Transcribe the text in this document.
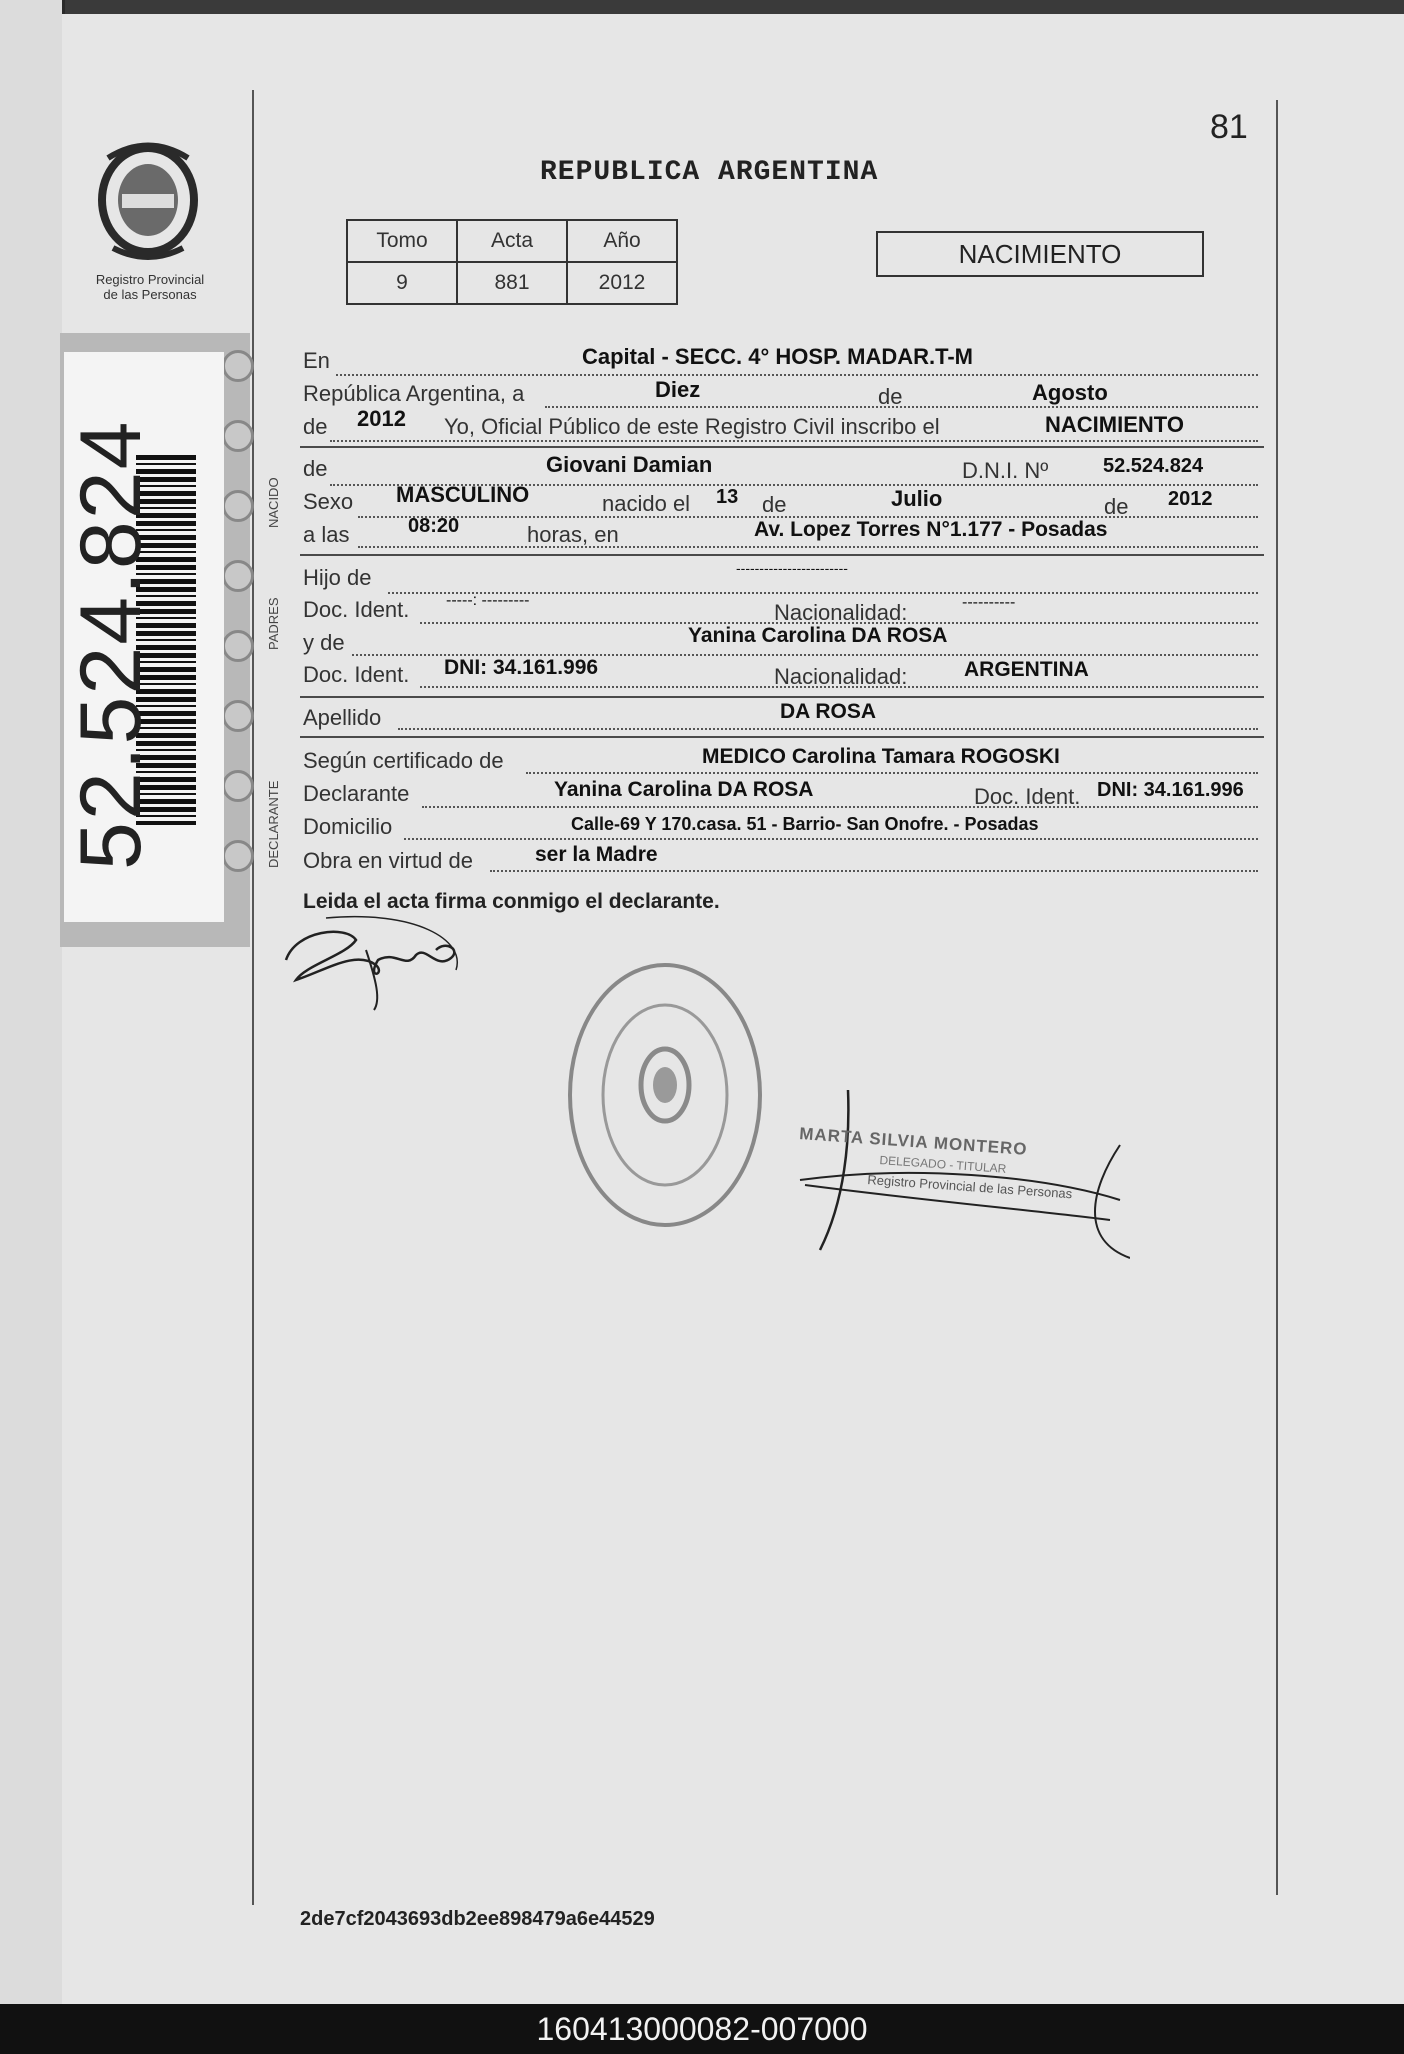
81
Registro Provincial
de las Personas
52.524.824
REPUBLICA ARGENTINA
Tomo	Acta	Año
9	881	2012
NACIMIENTO
NACIDO
PADRES
DECLARANTE
En	Capital - SECC. 4° HOSP. MADAR.T-M
República Argentina, a	Diez	de	Agosto
de 2012 Yo, Oficial Público de este Registro Civil inscribo el	NACIMIENTO
de	Giovani Damian	D.N.I. Nº	52.524.824
Sexo MASCULINO	nacido el 13 de	Julio	de 2012
a las	08:20	horas, en	Av. Lopez Torres N°1.177 - Posadas
Hijo de	------------------------
Doc. Ident. -----: ---------	Nacionalidad:	----------
y de	Yanina Carolina DA ROSA
Doc. Ident. DNI: 34.161.996	Nacionalidad:	ARGENTINA
Apellido	DA ROSA
Según certificado de	MEDICO Carolina Tamara ROGOSKI
Declarante	Yanina Carolina DA ROSA	Doc. Ident. DNI: 34.161.996
Domicilio	Calle-69 Y 170.casa. 51 - Barrio- San Onofre. - Posadas
Obra en virtud de	ser la Madre
Leida el acta firma conmigo el declarante.
MARTA SILVIA MONTERO
DELEGADO - TITULAR
Registro Provincial de las Personas
2de7cf2043693db2ee898479a6e44529
160413000082-007000
